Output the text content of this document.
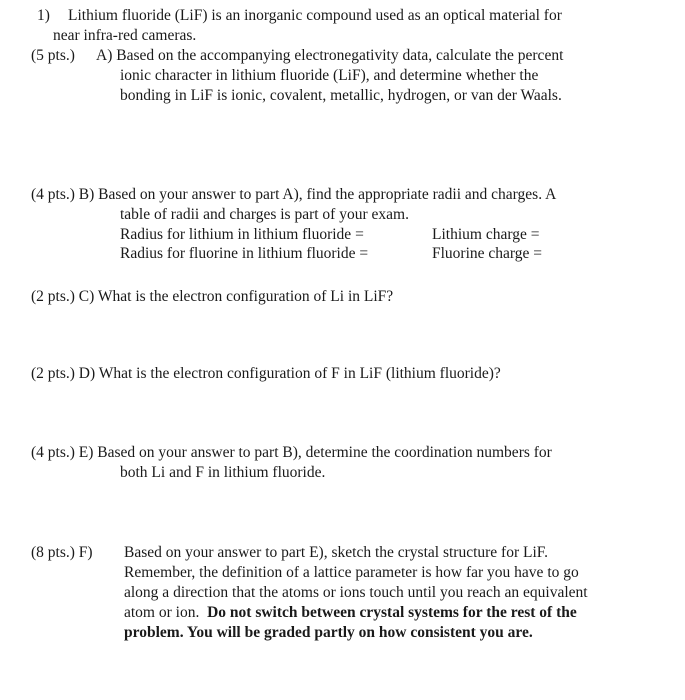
1) Lithium fluoride (LiF) is an inorganic compound used as an optical material for
near infra-red cameras.
(5 pts.) A) Based on the accompanying electronegativity data, calculate the percent
ionic character in lithium fluoride (LiF), and determine whether the
bonding in LiF is ionic, covalent, metallic, hydrogen, or van der Waals.
(4 pts.) B) Based on your answer to part A), find the appropriate radii and charges. A
table of radii and charges is part of your exam.
Radius for lithium in lithium fluoride =	Lithium charge =
Radius for fluorine in lithium fluoride =	Fluorine charge =
(2 pts.) C) What is the electron configuration of Li in LiF?
(2 pts.) D) What is the electron configuration of F in LiF (lithium fluoride)?
(4 pts.) E) Based on your answer to part B), determine the coordination numbers for
both Li and F in lithium fluoride.
(8 pts.) F) Based on your answer to part E), sketch the crystal structure for LiF.
Remember, the definition of a lattice parameter is how far you have to go
along a direction that the atoms or ions touch until you reach an equivalent
atom or ion. Do not switch between crystal systems for the rest of the
problem. You will be graded partly on how consistent you are.
